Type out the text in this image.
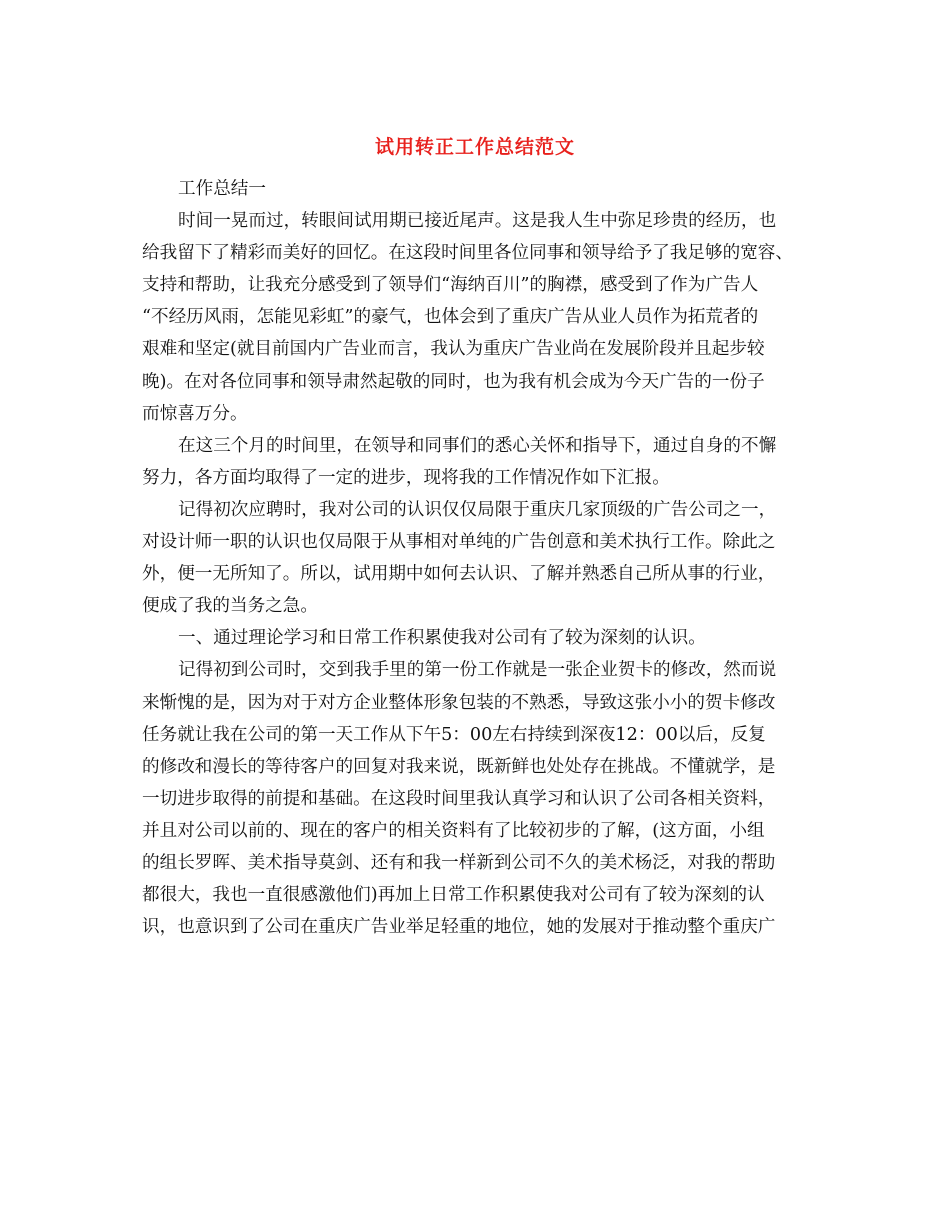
试用转正工作总结范文
工作总结一
时间一晃而过，转眼间试用期已接近尾声。这是我人生中弥足珍贵的经历，也
给我留下了精彩而美好的回忆。在这段时间里各位同事和领导给予了我足够的宽容、
支持和帮助，让我充分感受到了领导们“海纳百川”的胸襟，感受到了作为广告人
“不经历风雨，怎能见彩虹”的豪气，也体会到了重庆广告从业人员作为拓荒者的
艰难和坚定(就目前国内广告业而言，我认为重庆广告业尚在发展阶段并且起步较
晚)。在对各位同事和领导肃然起敬的同时，也为我有机会成为今天广告的一份子
而惊喜万分。
在这三个月的时间里，在领导和同事们的悉心关怀和指导下，通过自身的不懈
努力，各方面均取得了一定的进步，现将我的工作情况作如下汇报。
记得初次应聘时，我对公司的认识仅仅局限于重庆几家顶级的广告公司之一，
对设计师一职的认识也仅局限于从事相对单纯的广告创意和美术执行工作。除此之
外，便一无所知了。所以，试用期中如何去认识、了解并熟悉自己所从事的行业，
便成了我的当务之急。
一、通过理论学习和日常工作积累使我对公司有了较为深刻的认识。
记得初到公司时，交到我手里的第一份工作就是一张企业贺卡的修改，然而说
来惭愧的是，因为对于对方企业整体形象包装的不熟悉，导致这张小小的贺卡修改
任务就让我在公司的第一天工作从下午5：00左右持续到深夜12：00以后，反复
的修改和漫长的等待客户的回复对我来说，既新鲜也处处存在挑战。不懂就学，是
一切进步取得的前提和基础。在这段时间里我认真学习和认识了公司各相关资料，
并且对公司以前的、现在的客户的相关资料有了比较初步的了解，(这方面，小组
的组长罗晖、美术指导莫剑、还有和我一样新到公司不久的美术杨泛，对我的帮助
都很大，我也一直很感激他们)再加上日常工作积累使我对公司有了较为深刻的认
识，也意识到了公司在重庆广告业举足轻重的地位，她的发展对于推动整个重庆广
